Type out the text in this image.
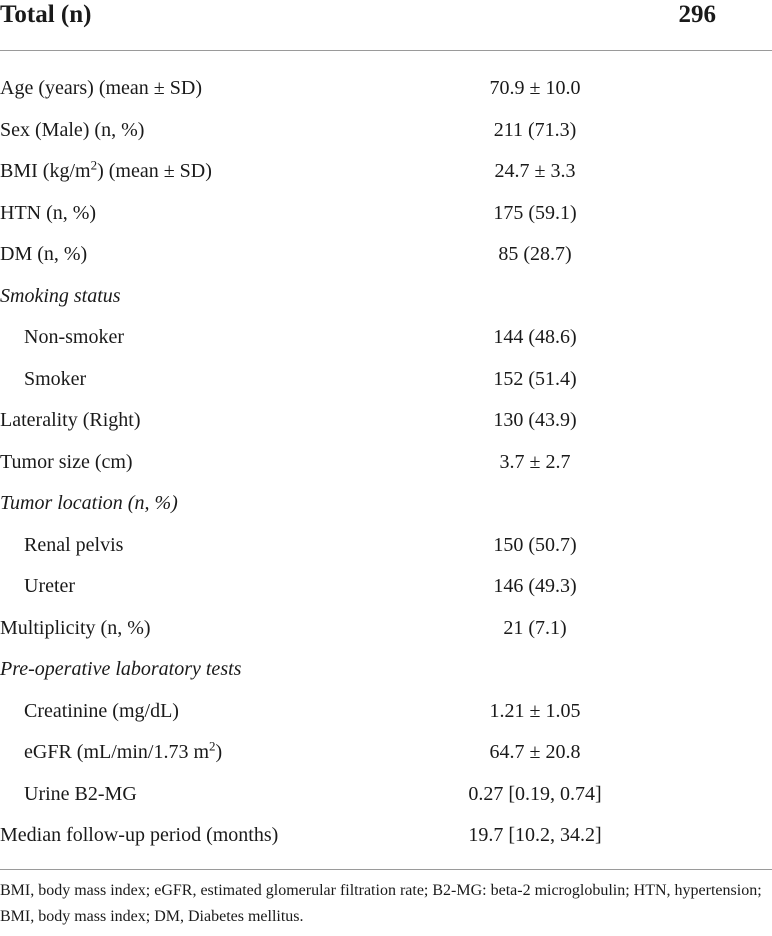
Total (n)	296
Age (years) (mean ± SD)	70.9 ± 10.0
Sex (Male) (n, %)	211 (71.3)
BMI $(kg/m^2)$ (mean ± SD)	24.7 ± 3.3
HTN (n, %)	175 (59.1)
DM (n, %)	85 (28.7)
Smoking status
Non-smoker	144 (48.6)
Smoker	152 (51.4)
Laterality (Right)	130 (43.9)
Tumor size (cm)	3.7 ± 2.7
Tumor location (n, %)
Renal pelvis	150 (50.7)
Ureter	146 (49.3)
Multiplicity (n, %)	21 (7.1)
Pre-operative laboratory tests
Creatinine (mg/dL)	1.21 ± 1.05
eGFR (mL/min/1.73 $m^2$)	64.7 ± 20.8
Urine B2-MG	0.27 [0.19, 0.74]
Median follow-up period (months)	19.7 [10.2, 34.2]
BMI, body mass index; eGFR, estimated glomerular filtration rate; B2-MG: beta-2 microglobulin; HTN, hypertension; BMI, body mass index; DM, Diabetes mellitus.
